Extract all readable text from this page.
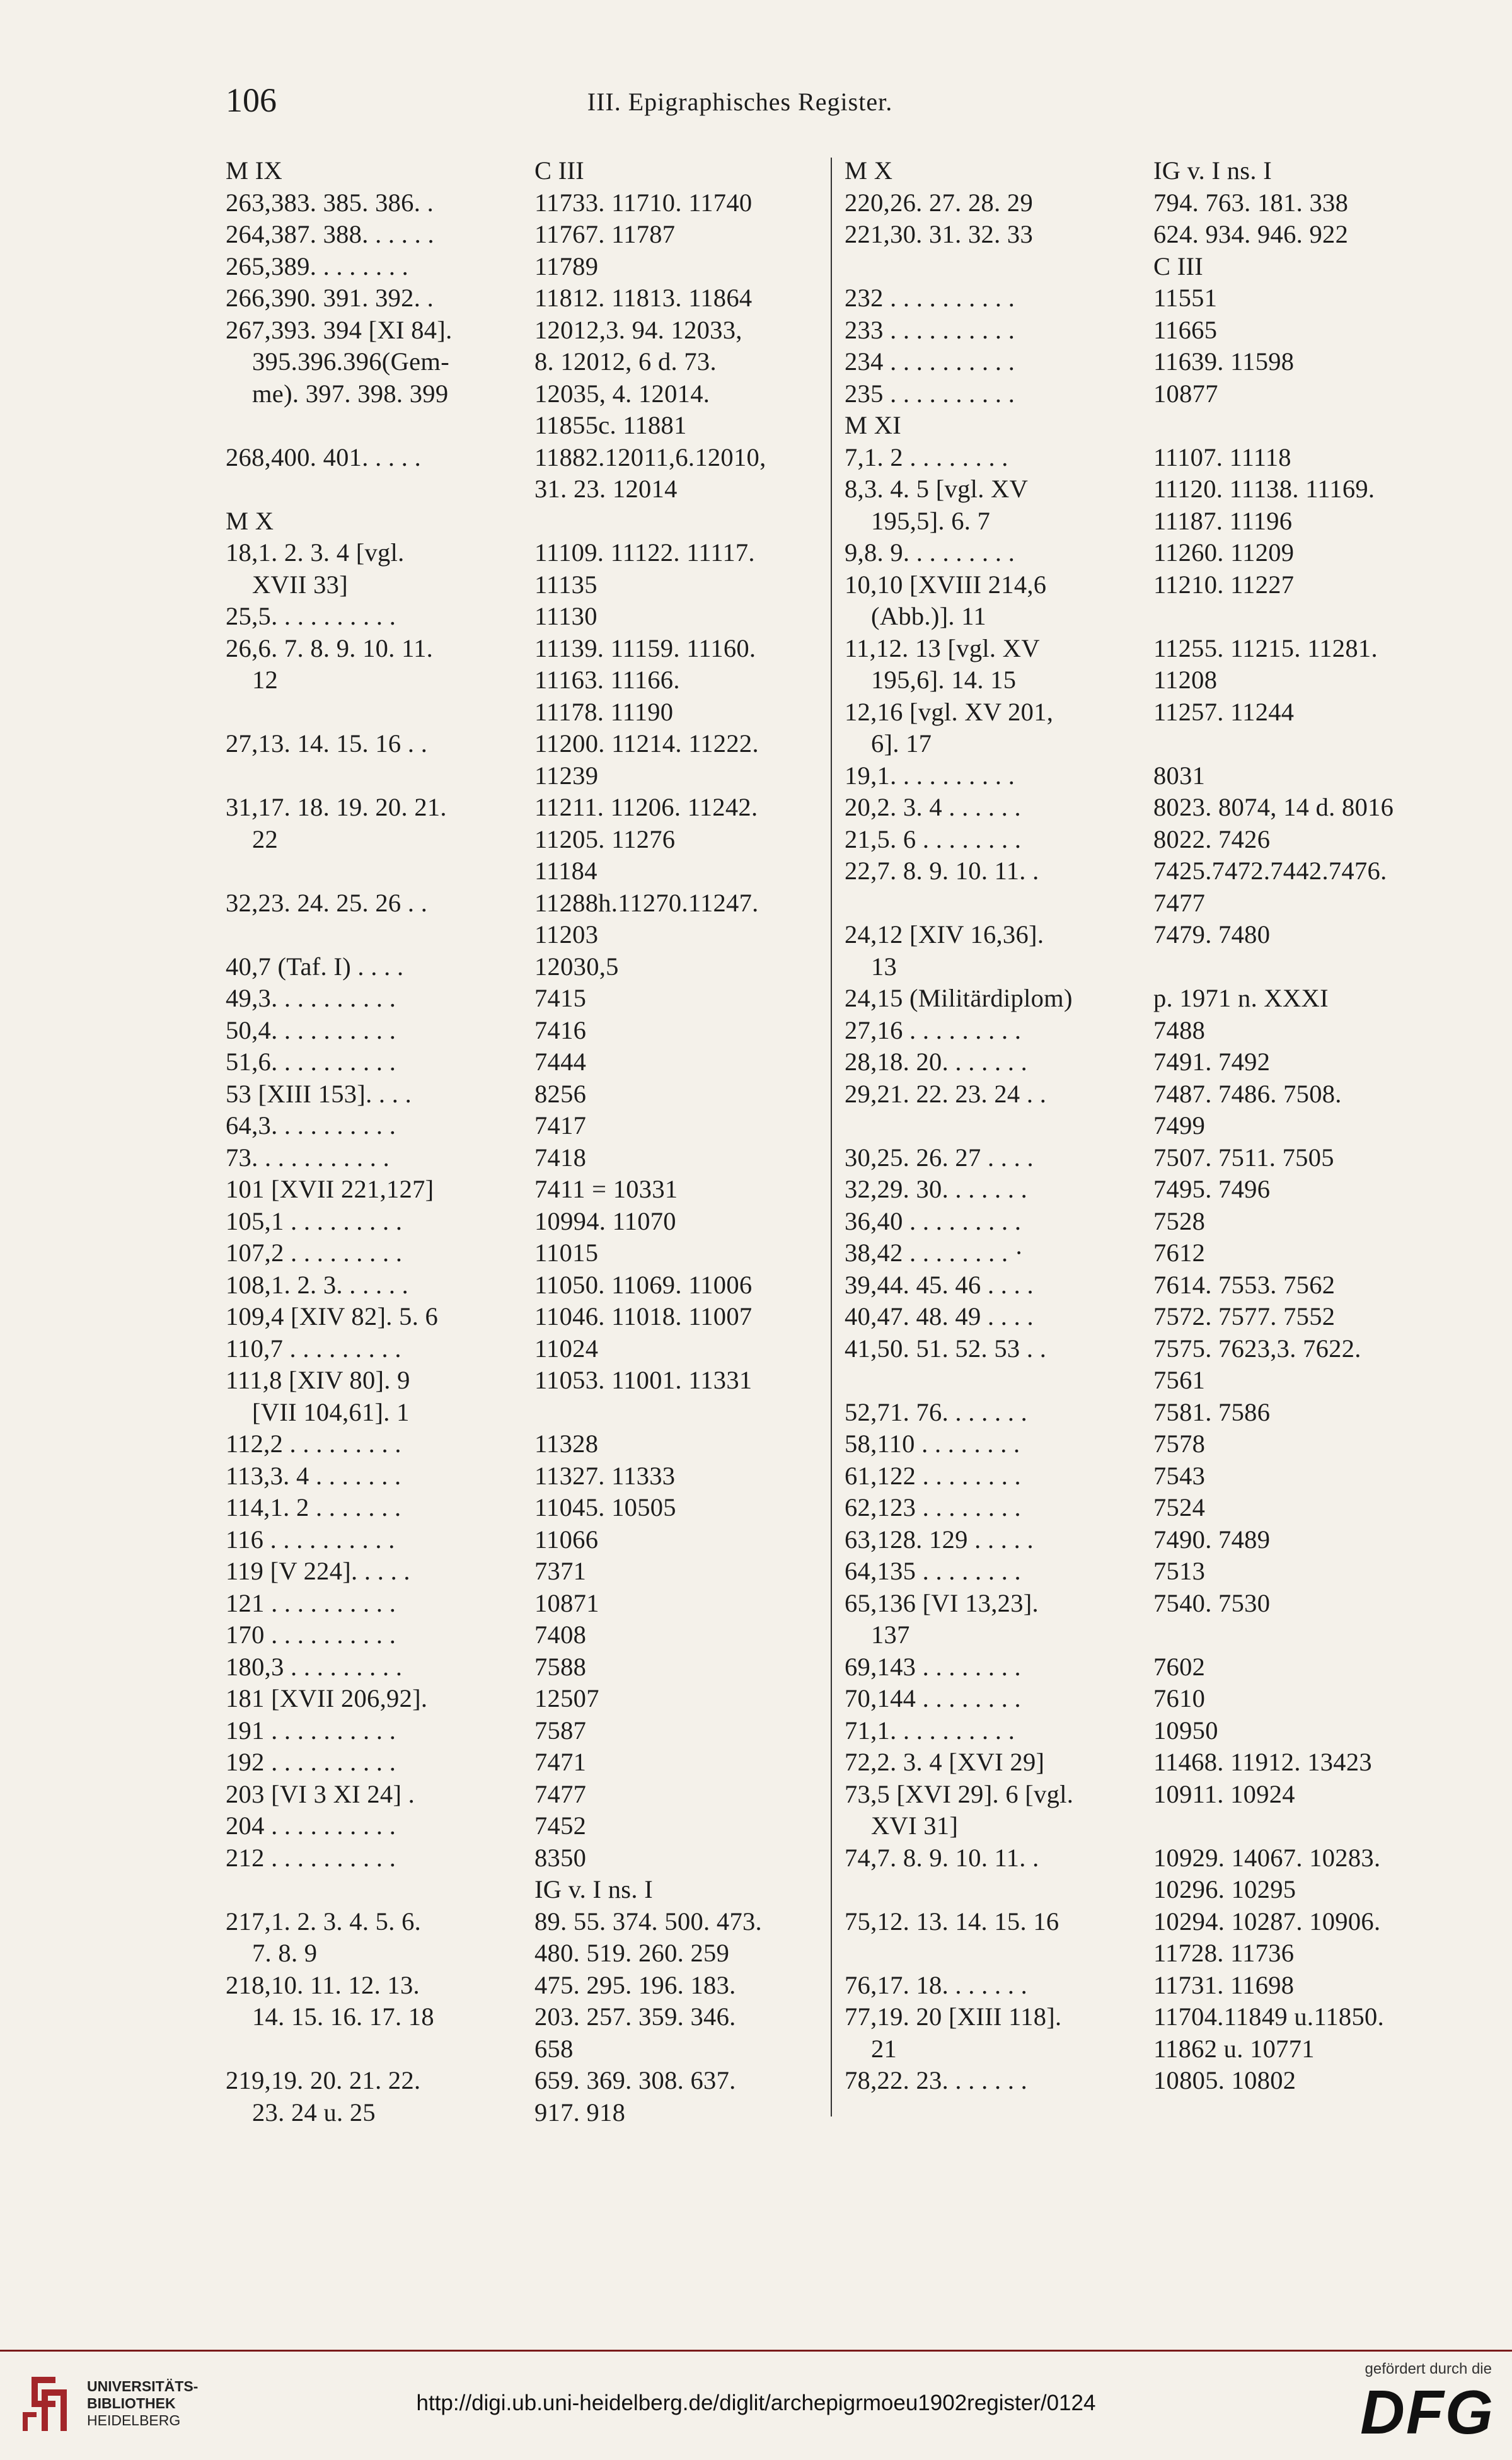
106	III. Epigraphisches Register.
M IX	C III
263,383. 385. 386. .	11733. 11710. 11740
264,387. 388. . . . . .	11767. 11787
265,389. . . . . . . .	11789
266,390. 391. 392. .	11812. 11813. 11864
267,393. 394 [XI 84].	12012,3. 94. 12033,
395.396.396(Gem-	8. 12012, 6 d. 73.
me). 397. 398. 399	12035, 4. 12014.
11855c. 11881
268,400. 401. . . . .	11882.12011,6.12010,
31. 23. 12014
M X
18,1. 2. 3. 4 [vgl.	11109. 11122. 11117.
XVII 33]	11135
25,5. . . . . . . . . .	11130
26,6. 7. 8. 9. 10. 11.	11139. 11159. 11160.
12	11163. 11166.
11178. 11190
27,13. 14. 15. 16 . .	11200. 11214. 11222.
11239
31,17. 18. 19. 20. 21.	11211. 11206. 11242.
22	11205. 11276
11184
32,23. 24. 25. 26 . .	11288h.11270.11247.
11203
40,7 (Taf. I) . . . .	12030,5
49,3. . . . . . . . . .	7415
50,4. . . . . . . . . .	7416
51,6. . . . . . . . . .	7444
53 [XIII 153]. . . .	8256
64,3. . . . . . . . . .	7417
73. . . . . . . . . . .	7418
101 [XVII 221,127]	7411 = 10331
105,1 . . . . . . . . .	10994. 11070
107,2 . . . . . . . . .	11015
108,1. 2. 3. . . . . .	11050. 11069. 11006
109,4 [XIV 82]. 5. 6	11046. 11018. 11007
110,7 . . . . . . . . .	11024
111,8 [XIV 80]. 9	11053. 11001. 11331
[VII 104,61]. 1
112,2 . . . . . . . . .	11328
113,3. 4 . . . . . . .	11327. 11333
114,1. 2 . . . . . . .	11045. 10505
116 . . . . . . . . . .	11066
119 [V 224]. . . . .	7371
121 . . . . . . . . . .	10871
170 . . . . . . . . . .	7408
180,3 . . . . . . . . .	7588
181 [XVII 206,92].	12507
191 . . . . . . . . . .	7587
192 . . . . . . . . . .	7471
203 [VI 3 XI 24] .	7477
204 . . . . . . . . . .	7452
212 . . . . . . . . . .	8350
IG v. I ns. I
217,1. 2. 3. 4. 5. 6.	89. 55. 374. 500. 473.
7. 8. 9	480. 519. 260. 259
218,10. 11. 12. 13.	475. 295. 196. 183.
14. 15. 16. 17. 18	203. 257. 359. 346.
658
219,19. 20. 21. 22.	659. 369. 308. 637.
23. 24 u. 25	917. 918
M X	IG v. I ns. I
220,26. 27. 28. 29	794. 763. 181. 338
221,30. 31. 32. 33	624. 934. 946. 922
C III
232 . . . . . . . . . .	11551
233 . . . . . . . . . .	11665
234 . . . . . . . . . .	11639. 11598
235 . . . . . . . . . .	10877
M XI
7,1. 2 . . . . . . . .	11107. 11118
8,3. 4. 5 [vgl. XV	11120. 11138. 11169.
195,5]. 6. 7	11187. 11196
9,8. 9. . . . . . . . .	11260. 11209
10,10 [XVIII 214,6	11210. 11227
(Abb.)]. 11
11,12. 13 [vgl. XV	11255. 11215. 11281.
195,6]. 14. 15	11208
12,16 [vgl. XV 201,	11257. 11244
6]. 17
19,1. . . . . . . . . .	8031
20,2. 3. 4 . . . . . .	8023. 8074, 14 d. 8016
21,5. 6 . . . . . . . .	8022. 7426
22,7. 8. 9. 10. 11. .	7425.7472.7442.7476.
7477
24,12 [XIV 16,36].	7479. 7480
13
24,15 (Militärdiplom)	p. 1971 n. XXXI
27,16 . . . . . . . . .	7488
28,18. 20. . . . . . .	7491. 7492
29,21. 22. 23. 24 . .	7487. 7486. 7508.
7499
30,25. 26. 27 . . . .	7507. 7511. 7505
32,29. 30. . . . . . .	7495. 7496
36,40 . . . . . . . . .	7528
38,42 . . . . . . . . ·	7612
39,44. 45. 46 . . . .	7614. 7553. 7562
40,47. 48. 49 . . . .	7572. 7577. 7552
41,50. 51. 52. 53 . .	7575. 7623,3. 7622.
7561
52,71. 76. . . . . . .	7581. 7586
58,110 . . . . . . . .	7578
61,122 . . . . . . . .	7543
62,123 . . . . . . . .	7524
63,128. 129 . . . . .	7490. 7489
64,135 . . . . . . . .	7513
65,136 [VI 13,23].	7540. 7530
137
69,143 . . . . . . . .	7602
70,144 . . . . . . . .	7610
71,1. . . . . . . . . .	10950
72,2. 3. 4 [XVI 29]	11468. 11912. 13423
73,5 [XVI 29]. 6 [vgl.	10911. 10924
XVI 31]
74,7. 8. 9. 10. 11. .	10929. 14067. 10283.
10296. 10295
75,12. 13. 14. 15. 16	10294. 10287. 10906.
11728. 11736
76,17. 18. . . . . . .	11731. 11698
77,19. 20 [XIII 118].	11704.11849 u.11850.
21	11862 u. 10771
78,22. 23. . . . . . .	10805. 10802
UNIVERSITÄTS-
BIBLIOTHEK
HEIDELBERG
http://digi.ub.uni-heidelberg.de/diglit/archepigrmoeu1902register/0124
gefördert durch die
DFG
